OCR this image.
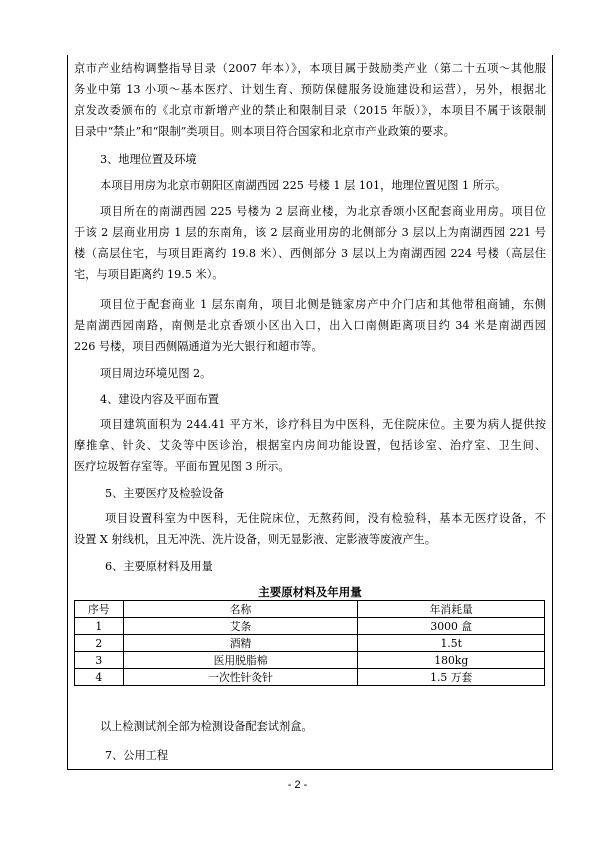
京市产业结构调整指导目录（2007 年本）》，本项目属于鼓励类产业（第二十五项～其他服
务业中第 13 小项～基本医疗、计划生育、预防保健服务设施建设和运营），另外，根据北
京发改委颁布的《北京市新增产业的禁止和限制目录（2015 年版）》，本项目不属于该限制
目录中“禁止”和“限制”类项目。则本项目符合国家和北京市产业政策的要求。
3、地理位置及环境
本项目用房为北京市朝阳区南湖西园 225 号楼 1 层 101，地理位置见图 1 所示。
项目所在的南湖西园 225 号楼为 2 层商业楼，为北京香颂小区配套商业用房。项目位
于该 2 层商业用房 1 层的东南角，该 2 层商业用房的北侧部分 3 层以上为南湖西园 221 号
楼（高层住宅，与项目距离约 19.8 米）、西侧部分 3 层以上为南湖西园 224 号楼（高层住
宅，与项目距离约 19.5 米）。
项目位于配套商业 1 层东南角，项目北侧是链家房产中介门店和其他带租商铺，东侧
是南湖西园南路，南侧是北京香颂小区出入口，出入口南侧距离项目约 34 米是南湖西园
226 号楼，项目西侧隔通道为光大银行和超市等。
项目周边环境见图 2。
4、建设内容及平面布置
项目建筑面积为 244.41 平方米，诊疗科目为中医科，无住院床位。主要为病人提供按
摩推拿、针灸、艾灸等中医诊治，根据室内房间功能设置，包括诊室、治疗室、卫生间、
医疗垃圾暂存室等。平面布置见图 3 所示。
5、主要医疗及检验设备
项目设置科室为中医科，无住院床位，无熬药间，没有检验科，基本无医疗设备，不
设置 X 射线机，且无冲洗、洗片设备，则无显影液、定影液等废液产生。
6、主要原材料及用量
主要原材料及年用量
序号	名称	年消耗量
1	艾条	3000 盒
2	酒精	1.5t
3	医用脱脂棉	180kg
4	一次性针灸针	1.5 万套
以上检测试剂全部为检测设备配套试剂盒。
7、公用工程
- 2 -
